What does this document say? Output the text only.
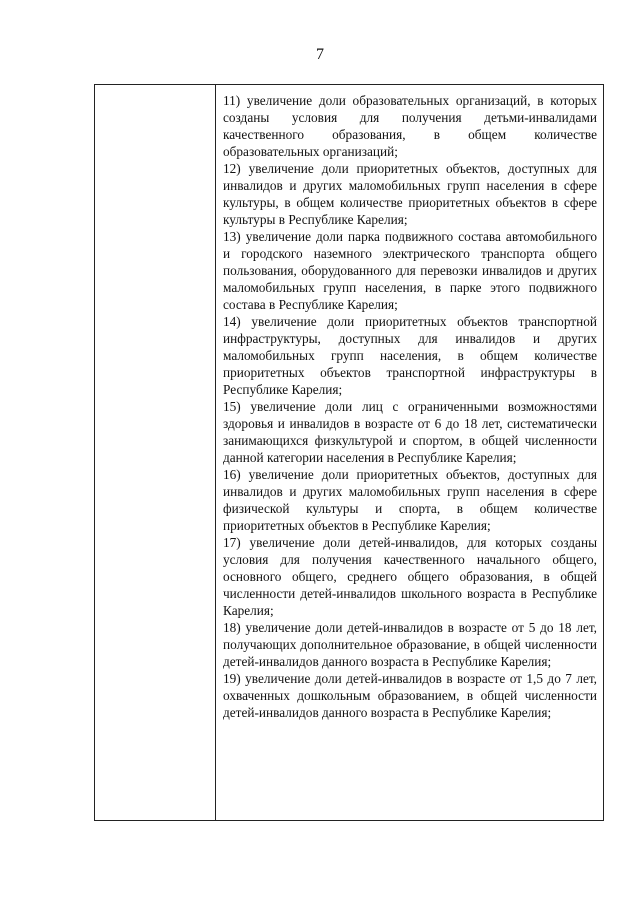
7

11) увеличение доли образовательных организаций, в которых созданы условия для получения детьми-инвалидами качественного образования, в общем количестве образовательных организаций;

12) увеличение доли приоритетных объектов, доступных для инвалидов и других маломобильных групп населения в сфере культуры, в общем количестве приоритетных объектов в сфере культуры в Республике Карелия;

13) увеличение доли парка подвижного состава автомобильного и городского наземного электрического транспорта общего пользования, оборудованного для перевозки инвалидов и других маломобильных групп населения, в парке этого подвижного состава в Республике Карелия;

14) увеличение доли приоритетных объектов транспортной инфраструктуры, доступных для инвалидов и других маломобильных групп населения, в общем количестве приоритетных объектов транспортной инфраструктуры в Республике Карелия;

15) увеличение доли лиц с ограниченными возможностями здоровья и инвалидов в возрасте от 6 до 18 лет, систематически занимающихся физкультурой и спортом, в общей численности данной категории населения в Республике Карелия;

16) увеличение доли приоритетных объектов, доступных для инвалидов и других маломобильных групп населения в сфере физической культуры и спорта, в общем количестве приоритетных объектов в Республике Карелия;

17) увеличение доли детей-инвалидов, для которых созданы условия для получения качественного начального общего, основного общего, среднего общего образования, в общей численности детей-инвалидов школьного возраста в Республике Карелия;

18) увеличение доли детей-инвалидов в возрасте от 5 до 18 лет, получающих дополнительное образование, в общей численности детей-инвалидов данного возраста в Республике Карелия;

19) увеличение доли детей-инвалидов в возрасте от 1,5 до 7 лет, охваченных дошкольным образованием, в общей численности детей-инвалидов данного возраста в Республике Карелия;
